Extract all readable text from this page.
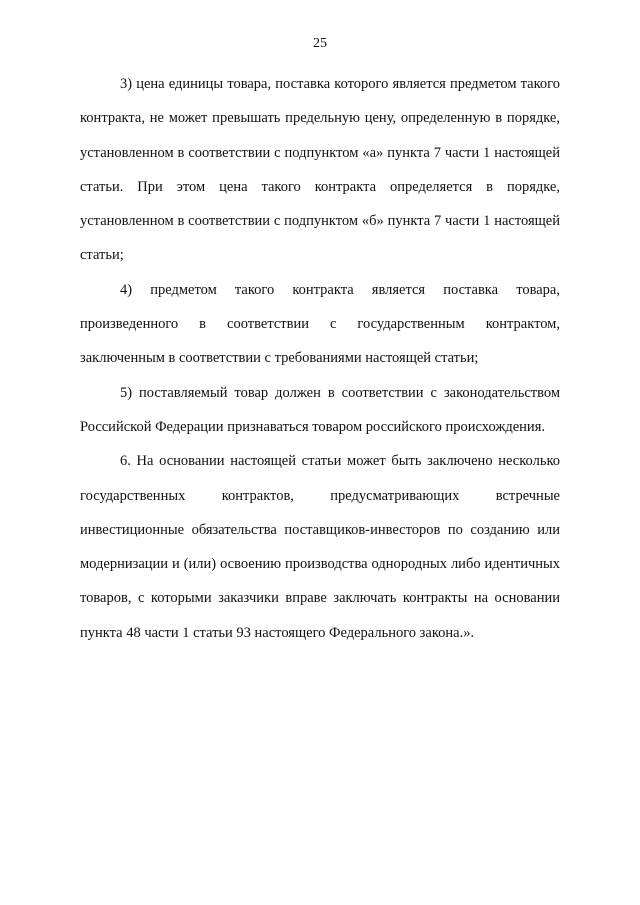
25

3) цена единицы товара, поставка которого является предметом такого контракта, не может превышать предельную цену, определенную в порядке, установленном в соответствии с подпунктом «а» пункта 7 части 1 настоящей статьи. При этом цена такого контракта определяется в порядке, установленном в соответствии с подпунктом «б» пункта 7 части 1 настоящей статьи;

4) предметом такого контракта является поставка товара, произведенного в соответствии с государственным контрактом, заключенным в соответствии с требованиями настоящей статьи;

5) поставляемый товар должен в соответствии с законодательством Российской Федерации признаваться товаром российского происхождения.

6. На основании настоящей статьи может быть заключено несколько государственных контрактов, предусматривающих встречные инвестиционные обязательства поставщиков-инвесторов по созданию или модернизации и (или) освоению производства однородных либо идентичных товаров, с которыми заказчики вправе заключать контракты на основании пункта 48 части 1 статьи 93 настоящего Федерального закона.».
